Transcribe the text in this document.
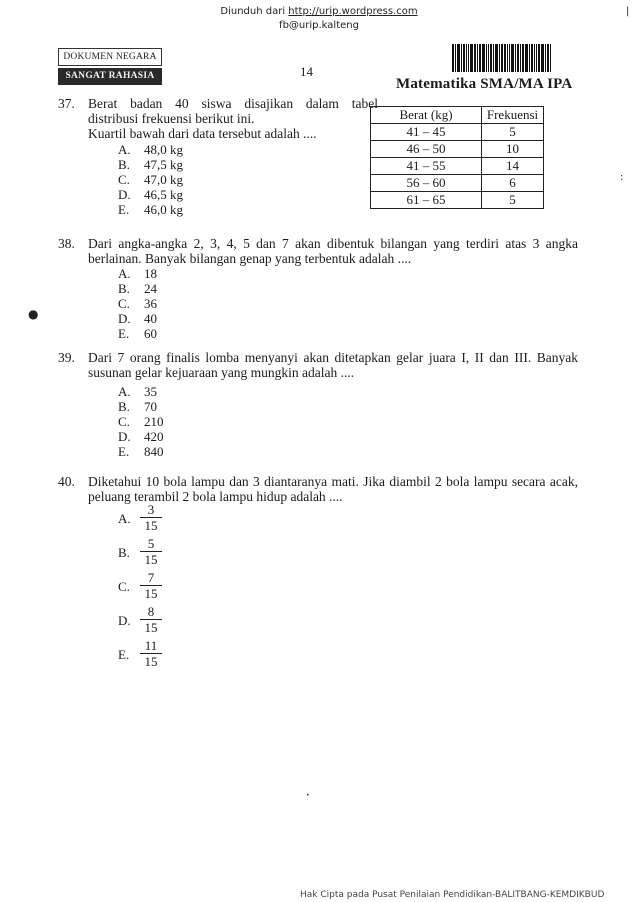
Diunduh dari http://urip.wordpress.com
fb@urip.kalteng
|
DOKUMEN NEGARA
SANGAT RAHASIA	14
Matematika SMA/MA IPA
37. Berat badan 40 siswa disajikan dalam tabel
distribusi frekuensi berikut ini.
Kuartil bawah dari data tersebut adalah ....
A.	48,0 kg
B.	47,5 kg
C.	47,0 kg
D.	46,5 kg
E.	46,0 kg
Berat (kg)	Frekuensi
41 – 45	5
46 – 50	10
41 – 55	14
56 – 60	6
61 – 65	5
38. Dari angka-angka 2, 3, 4, 5 dan 7 akan dibentuk bilangan yang terdiri atas 3 angka
berlainan. Banyak bilangan genap yang terbentuk adalah ....
A.	18
B.	24
C.	36
D.	40
E.	60
●
39. Dari 7 orang finalis lomba menyanyi akan ditetapkan gelar juara I, II dan III. Banyak
susunan gelar kejuaraan yang mungkin adalah ....
A.	35
B.	70
C.	210
D.	420
E.	840
40. Diketahui 10 bola lampu dan 3 diantaranya mati. Jika diambil 2 bola lampu secara acak,
peluang terambil 2 bola lampu hidup adalah ....
A. $\frac{3}{15}$
B. $\frac{5}{15}$
C. $\frac{7}{15}$
D. $\frac{8}{15}$
E. $\frac{11}{15}$
:
•
Hak Cipta pada Pusat Penilaian Pendidikan-BALITBANG-KEMDIKBUD
